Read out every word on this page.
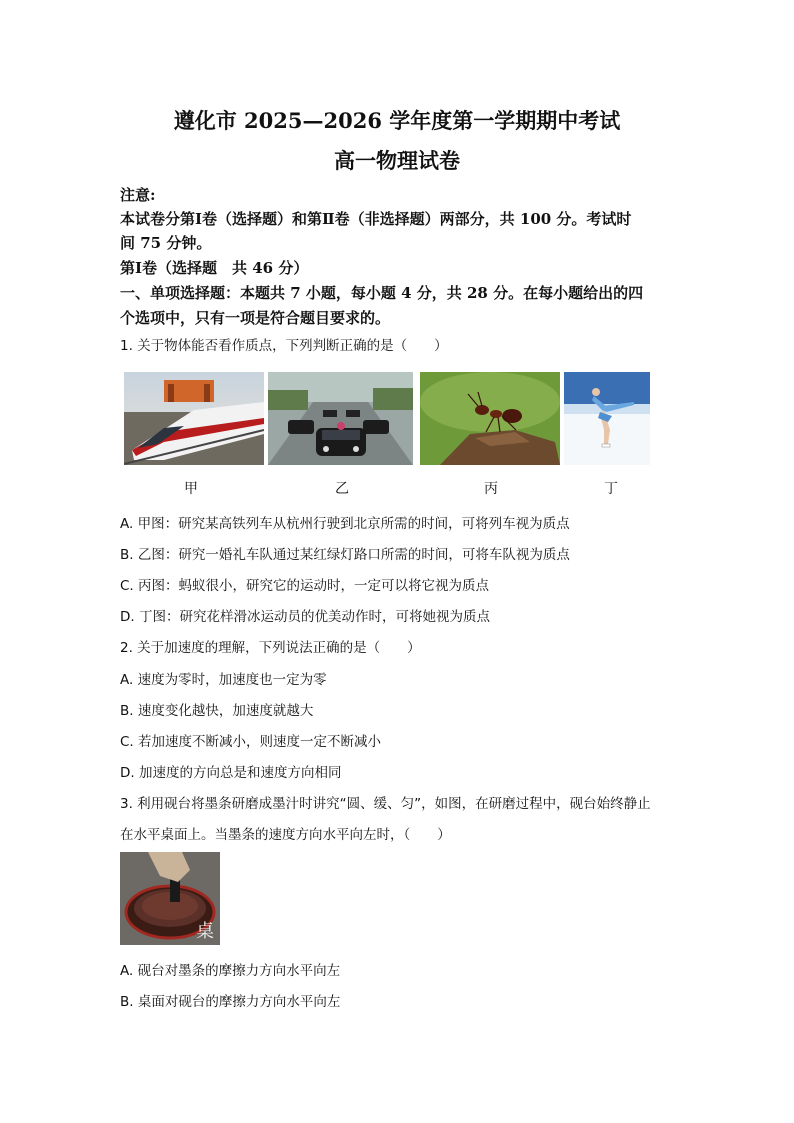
遵化市 2025—2026 学年度第一学期期中考试
高一物理试卷
注意:
本试卷分第Ⅰ卷（选择题）和第Ⅱ卷（非选择题）两部分，共 100 分。考试时
间 75 分钟。
第Ⅰ卷（选择题　共 46 分）
一、单项选择题：本题共 7 小题，每小题 4 分，共 28 分。在每小题给出的四
个选项中，只有一项是符合题目要求的。
1. 关于物体能否看作质点，下列判断正确的是（　　）
甲	乙	丙	丁
A. 甲图：研究某高铁列车从杭州行驶到北京所需的时间，可将列车视为质点
B. 乙图：研究一婚礼车队通过某红绿灯路口所需的时间，可将车队视为质点
C. 丙图：蚂蚁很小，研究它的运动时，一定可以将它视为质点
D. 丁图：研究花样滑冰运动员的优美动作时，可将她视为质点
2. 关于加速度的理解，下列说法正确的是（　　）
A. 速度为零时，加速度也一定为零
B. 速度变化越快，加速度就越大
C. 若加速度不断减小，则速度一定不断减小
D. 加速度的方向总是和速度方向相同
3. 利用砚台将墨条研磨成墨汁时讲究“圆、缓、匀”，如图，在研磨过程中，砚台始终静止
在水平桌面上。当墨条的速度方向水平向左时，（　　）
桌
A. 砚台对墨条的摩擦力方向水平向左
B. 桌面对砚台的摩擦力方向水平向左
